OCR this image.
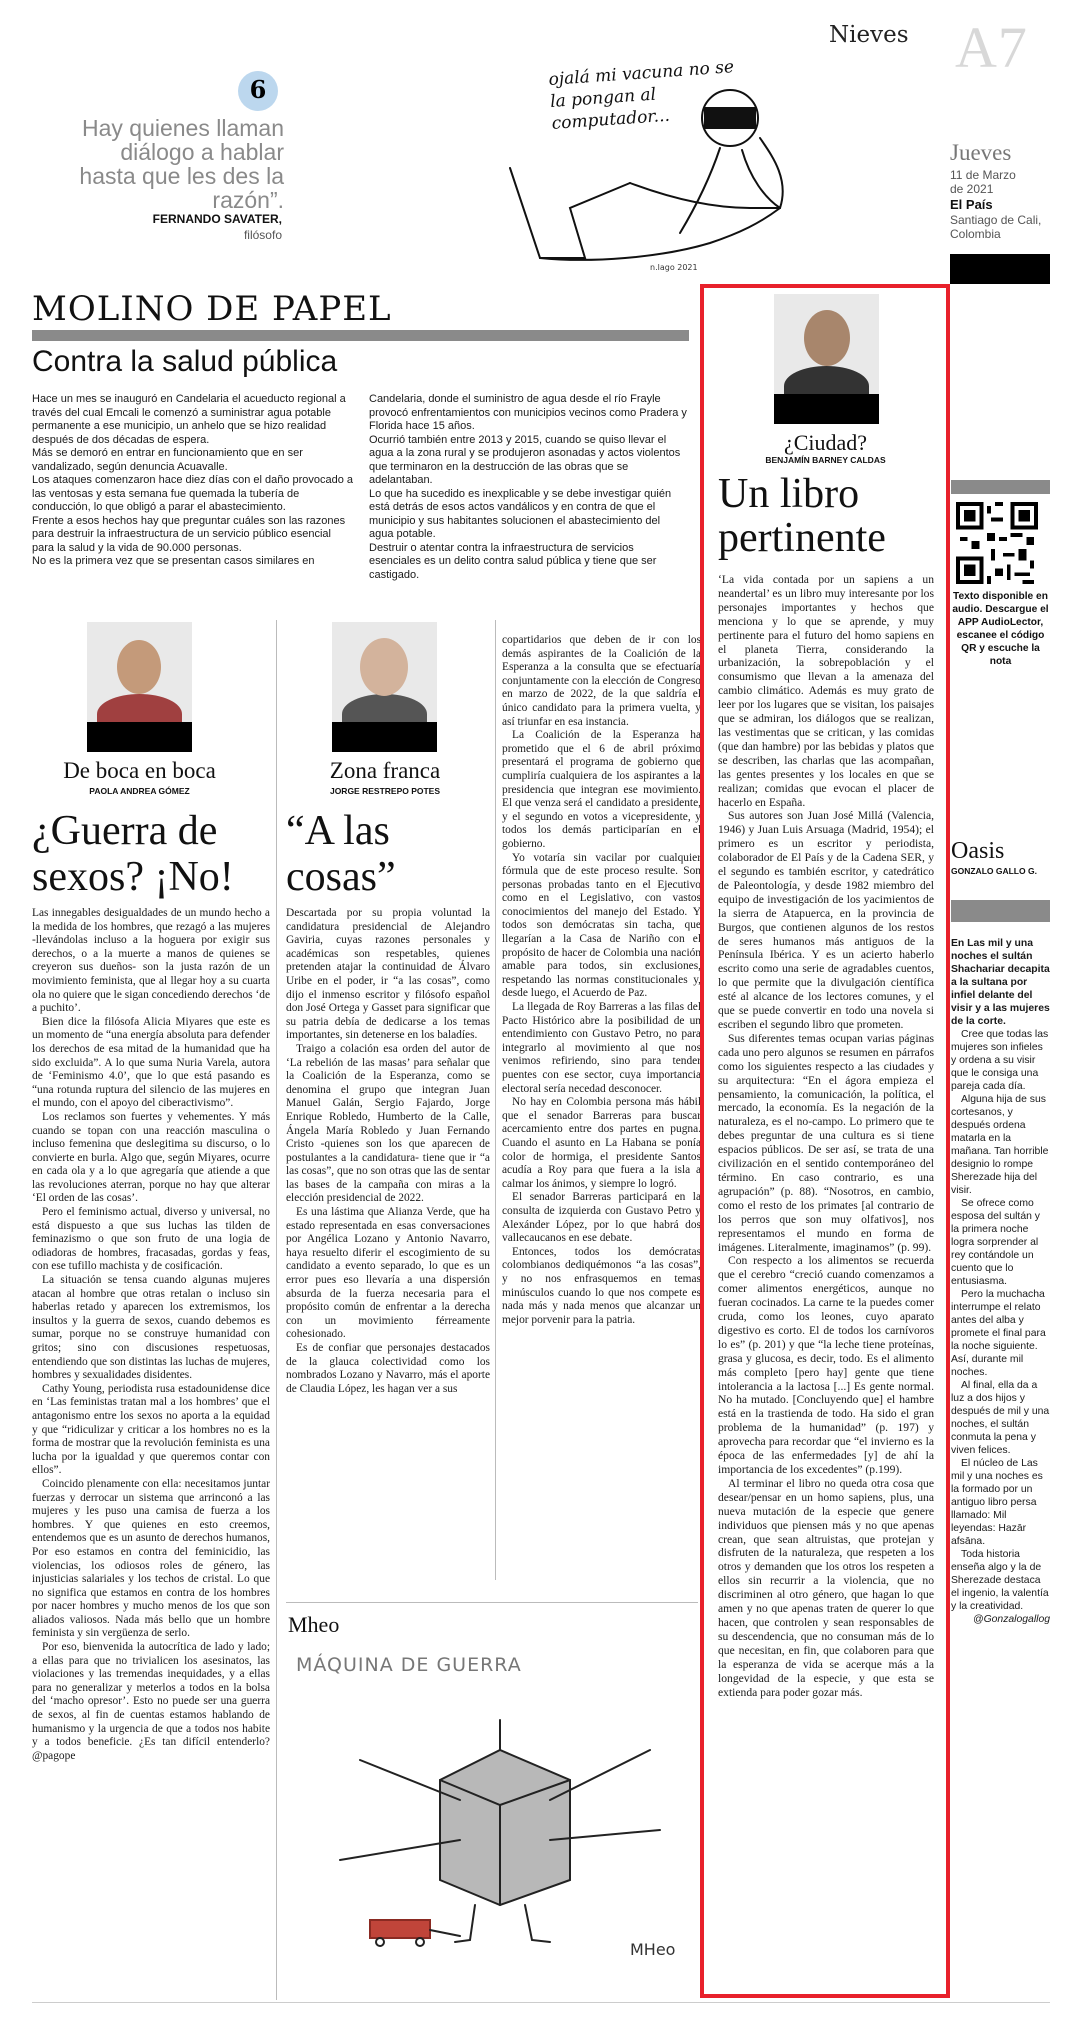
Nieves A7
6
Hay quienes llaman diálogo a hablar hasta que les des la razón”.
FERNANDO SAVATER,
filósofo
ojalá mi vacuna no se la pongan al computador...
n.lago 2021
Jueves
11 de Marzo
de 2021
El País
Santiago de Cali,
Colombia
MOLINO DE PAPEL
Contra la salud pública

Hace un mes se inauguró en Candelaria el acueducto regional a través del cual Emcali le comenzó a suministrar agua potable permanente a ese municipio, un anhelo que se hizo realidad después de dos décadas de espera.

Más se demoró en entrar en funcionamiento que en ser vandalizado, según denuncia Acuavalle.

Los ataques comenzaron hace diez días con el daño provocado a las ventosas y esta semana fue quemada la tubería de conducción, lo que obligó a parar el abastecimiento.

Frente a esos hechos hay que preguntar cuáles son las razones para destruir la infraestructura de un servicio público esencial para la salud y la vida de 90.000 personas.

No es la primera vez que se presentan casos similares en

Candelaria, donde el suministro de agua desde el río Frayle provocó enfrentamientos con municipios vecinos como Pradera y Florida hace 15 años.

Ocurrió también entre 2013 y 2015, cuando se quiso llevar el agua a la zona rural y se produjeron asonadas y actos violentos que terminaron en la destrucción de las obras que se adelantaban.

Lo que ha sucedido es inexplicable y se debe investigar quién está detrás de esos actos vandálicos y en contra de que el municipio y sus habitantes solucionen el abastecimiento del agua potable.

Destruir o atentar contra la infraestructura de servicios esenciales es un delito contra salud pública y tiene que ser castigado.

De boca en boca
PAOLA ANDREA GÓMEZ
¿Guerra de sexos? ¡No!

Las innegables desigualdades de un mundo hecho a la medida de los hombres, que rezagó a las mujeres -llevándolas incluso a la hoguera por exigir sus derechos, o a la muerte a manos de quienes se creyeron sus dueños- son la justa razón de un movimiento feminista, que al llegar hoy a su cuarta ola no quiere que le sigan concediendo derechos ‘de a puchito’.

Bien dice la filósofa Alicia Miyares que este es un momento de “una energía absoluta para defender los derechos de esa mitad de la humanidad que ha sido excluida”. A lo que suma Nuria Varela, autora de ‘Feminismo 4.0’, que lo que está pasando es “una rotunda ruptura del silencio de las mujeres en el mundo, con el apoyo del ciberactivismo”.

Los reclamos son fuertes y vehementes. Y más cuando se topan con una reacción masculina o incluso femenina que deslegitima su discurso, o lo convierte en burla. Algo que, según Miyares, ocurre en cada ola y a lo que agregaría que atiende a que las revoluciones aterran, porque no hay que alterar ‘El orden de las cosas’.

Pero el feminismo actual, diverso y universal, no está dispuesto a que sus luchas las tilden de feminazismo o que son fruto de una logia de odiadoras de hombres, fracasadas, gordas y feas, con ese tufillo machista y de cosificación.

La situación se tensa cuando algunas mujeres atacan al hombre que otras retalan o incluso sin haberlas retado y aparecen los extremismos, los insultos y la guerra de sexos, cuando debemos es sumar, porque no se construye humanidad con gritos; sino con discusiones respetuosas, entendiendo que son distintas las luchas de mujeres, hombres y sexualidades disidentes.

Cathy Young, periodista rusa estadounidense dice en ‘Las feministas tratan mal a los hombres’ que el antagonismo entre los sexos no aporta a la equidad y que “ridiculizar y criticar a los hombres no es la forma de mostrar que la revolución feminista es una lucha por la igualdad y que queremos contar con ellos”.

Coincido plenamente con ella: necesitamos juntar fuerzas y derrocar un sistema que arrinconó a las mujeres y les puso una camisa de fuerza a los hombres. Y que quienes en esto creemos, entendemos que es un asunto de derechos humanos, Por eso estamos en contra del feminicidio, las violencias, los odiosos roles de género, las injusticias salariales y los techos de cristal. Lo que no significa que estamos en contra de los hombres por nacer hombres y mucho menos de los que son aliados valiosos. Nada más bello que un hombre feminista y sin vergüenza de serlo.

Por eso, bienvenida la autocrítica de lado y lado; a ellas para que no trivialicen los asesinatos, las violaciones y las tremendas inequidades, y a ellas para no generalizar y meterlos a todos en la bolsa del ‘macho opresor’. Esto no puede ser una guerra de sexos, al fin de cuentas estamos hablando de humanismo y la urgencia de que a todos nos habite y a todos beneficie. ¿Es tan difícil entenderlo? @pagope

Zona franca
JORGE RESTREPO POTES
“A las cosas”

Descartada por su propia voluntad la candidatura presidencial de Alejandro Gaviria, cuyas razones personales y académicas son respetables, quienes pretenden atajar la continuidad de Álvaro Uribe en el poder, ir “a las cosas”, como dijo el inmenso escritor y filósofo español don José Ortega y Gasset para significar que su patria debía de dedicarse a los temas importantes, sin detenerse en los baladíes.

Traigo a colación esa orden del autor de ‘La rebelión de las masas’ para señalar que la Coalición de la Esperanza, como se denomina el grupo que integran Juan Manuel Galán, Sergio Fajardo, Jorge Enrique Robledo, Humberto de la Calle, Ángela María Robledo y Juan Fernando Cristo -quienes son los que aparecen de postulantes a la candidatura- tiene que ir “a las cosas”, que no son otras que las de sentar las bases de la campaña con miras a la elección presidencial de 2022.

Es una lástima que Alianza Verde, que ha estado representada en esas conversaciones por Angélica Lozano y Antonio Navarro, haya resuelto diferir el escogimiento de su candidato a evento separado, lo que es un error pues eso llevaría a una dispersión absurda de la fuerza necesaria para el propósito común de enfrentar a la derecha con un movimiento férreamente cohesionado.

Es de confiar que personajes destacados de la glauca colectividad como los nombrados Lozano y Navarro, más el aporte de Claudia López, les hagan ver a sus

copartidarios que deben de ir con los demás aspirantes de la Coalición de la Esperanza a la consulta que se efectuaría conjuntamente con la elección de Congreso en marzo de 2022, de la que saldría el único candidato para la primera vuelta, y así triunfar en esa instancia.

La Coalición de la Esperanza ha prometido que el 6 de abril próximo presentará el programa de gobierno que cumpliría cualquiera de los aspirantes a la presidencia que integran ese movimiento. El que venza será el candidato a presidente, y el segundo en votos a vicepresidente, y todos los demás participarían en el gobierno.

Yo votaría sin vacilar por cualquier fórmula que de este proceso resulte. Son personas probadas tanto en el Ejecutivo como en el Legislativo, con vastos conocimientos del manejo del Estado. Y todos son demócratas sin tacha, que llegarían a la Casa de Nariño con el propósito de hacer de Colombia una nación amable para todos, sin exclusiones, respetando las normas constitucionales y, desde luego, el Acuerdo de Paz.

La llegada de Roy Barreras a las filas del Pacto Histórico abre la posibilidad de un entendimiento con Gustavo Petro, no para integrarlo al movimiento al que nos venimos refiriendo, sino para tender puentes con ese sector, cuya importancia electoral sería necedad desconocer.

No hay en Colombia persona más hábil que el senador Barreras para buscar acercamiento entre dos partes en pugna. Cuando el asunto en La Habana se ponía color de hormiga, el presidente Santos acudía a Roy para que fuera a la isla a calmar los ánimos, y siempre lo logró.

El senador Barreras participará en la consulta de izquierda con Gustavo Petro y Alexánder López, por lo que habrá dos vallecaucanos en ese debate.

Entonces, todos los demócratas colombianos dediquémonos “a las cosas”, y no nos enfrasquemos en temas minúsculos cuando lo que nos compete es nada más y nada menos que alcanzar un mejor porvenir para la patria.

Mheo
MÁQUINA DE GUERRA
MHeo
¿Ciudad?
BENJAMÍN BARNEY CALDAS
Un libro pertinente

‘La vida contada por un sapiens a un neandertal’ es un libro muy interesante por los personajes importantes y hechos que menciona y lo que se aprende, y muy pertinente para el futuro del homo sapiens en el planeta Tierra, considerando la urbanización, la sobrepoblación y el consumismo que llevan a la amenaza del cambio climático. Además es muy grato de leer por los lugares que se visitan, los paisajes que se admiran, los diálogos que se realizan, las vestimentas que se critican, y las comidas (que dan hambre) por las bebidas y platos que se describen, las charlas que las acompañan, las gentes presentes y los locales en que se realizan; comidas que evocan el placer de hacerlo en España.

Sus autores son Juan José Millá (Valencia, 1946) y Juan Luis Arsuaga (Madrid, 1954); el primero es un escritor y periodista, colaborador de El País y de la Cadena SER, y el segundo es también escritor, y catedrático de Paleontología, y desde 1982 miembro del equipo de investigación de los yacimientos de la sierra de Atapuerca, en la provincia de Burgos, que contienen algunos de los restos de seres humanos más antiguos de la Península Ibérica. Y es un acierto haberlo escrito como una serie de agradables cuentos, lo que permite que la divulgación científica esté al alcance de los lectores comunes, y el que se puede convertir en todo una novela si escriben el segundo libro que prometen.

Sus diferentes temas ocupan varias páginas cada uno pero algunos se resumen en párrafos como los siguientes respecto a las ciudades y su arquitectura: “En el ágora empieza el pensamiento, la comunicación, la política, el mercado, la economía. Es la negación de la naturaleza, es el no-campo. Lo primero que te debes preguntar de una cultura es si tiene espacios públicos. De ser así, se trata de una civilización en el sentido contemporáneo del término. En caso contrario, es una agrupación” (p. 88). “Nosotros, en cambio, como el resto de los primates [al contrario de los perros que son muy olfativos], nos representamos el mundo en forma de imágenes. Literalmente, imaginamos” (p. 99).

Con respecto a los alimentos se recuerda que el cerebro “creció cuando comenzamos a comer alimentos energéticos, aunque no fueran cocinados. La carne te la puedes comer cruda, como los leones, cuyo aparato digestivo es corto. El de todos los carnívoros lo es” (p. 201) y que “la leche tiene proteínas, grasa y glucosa, es decir, todo. Es el alimento más completo [pero hay] gente que tiene intolerancia a la lactosa [...] Es gente normal. No ha mutado. [Concluyendo que] el hambre está en la trastienda de todo. Ha sido el gran problema de la humanidad” (p. 197) y aprovecha para recordar que “el invierno es la época de las enfermedades [y] de ahí la importancia de los excedentes” (p.199).

Al terminar el libro no queda otra cosa que desear/pensar en un homo sapiens, plus, una nueva mutación de la especie que genere individuos que piensen más y no que apenas crean, que sean altruistas, que protejan y disfruten de la naturaleza, que respeten a los otros y demanden que los otros los respeten a ellos sin recurrir a la violencia, que no discriminen al otro género, que hagan lo que amen y no que apenas traten de querer lo que hacen, que controlen y sean responsables de su descendencia, que no consuman más de lo que necesitan, en fin, que colaboren para que la esperanza de vida se acerque más a la longevidad de la especie, y que esta se extienda para poder gozar más.

Texto disponible en audio. Descargue el APP AudioLector, escanee el código QR y escuche la nota
Oasis
GONZALO GALLO G.

En Las mil y una noches el sultán Shachariar decapita a la sultana por infiel delante del visir y a las mujeres de la corte.

Cree que todas las mujeres son infieles y ordena a su visir que le consiga una pareja cada día.

Alguna hija de sus cortesanos, y después ordena matarla en la mañana. Tan horrible designio lo rompe Sherezade hija del visir.

Se ofrece como esposa del sultán y la primera noche logra sorprender al rey contándole un cuento que lo entusiasma.

Pero la muchacha interrumpe el relato antes del alba y promete el final para la noche siguiente. Así, durante mil noches.

Al final, ella da a luz a dos hijos y después de mil y una noches, el sultán conmuta la pena y viven felices.

El núcleo de Las mil y una noches es la formado por un antiguo libro persa llamado: Mil leyendas: Hazār afsāna.

Toda historia enseña algo y la de Sherezade destaca el ingenio, la valentía y la creatividad.

@Gonzalogallog
